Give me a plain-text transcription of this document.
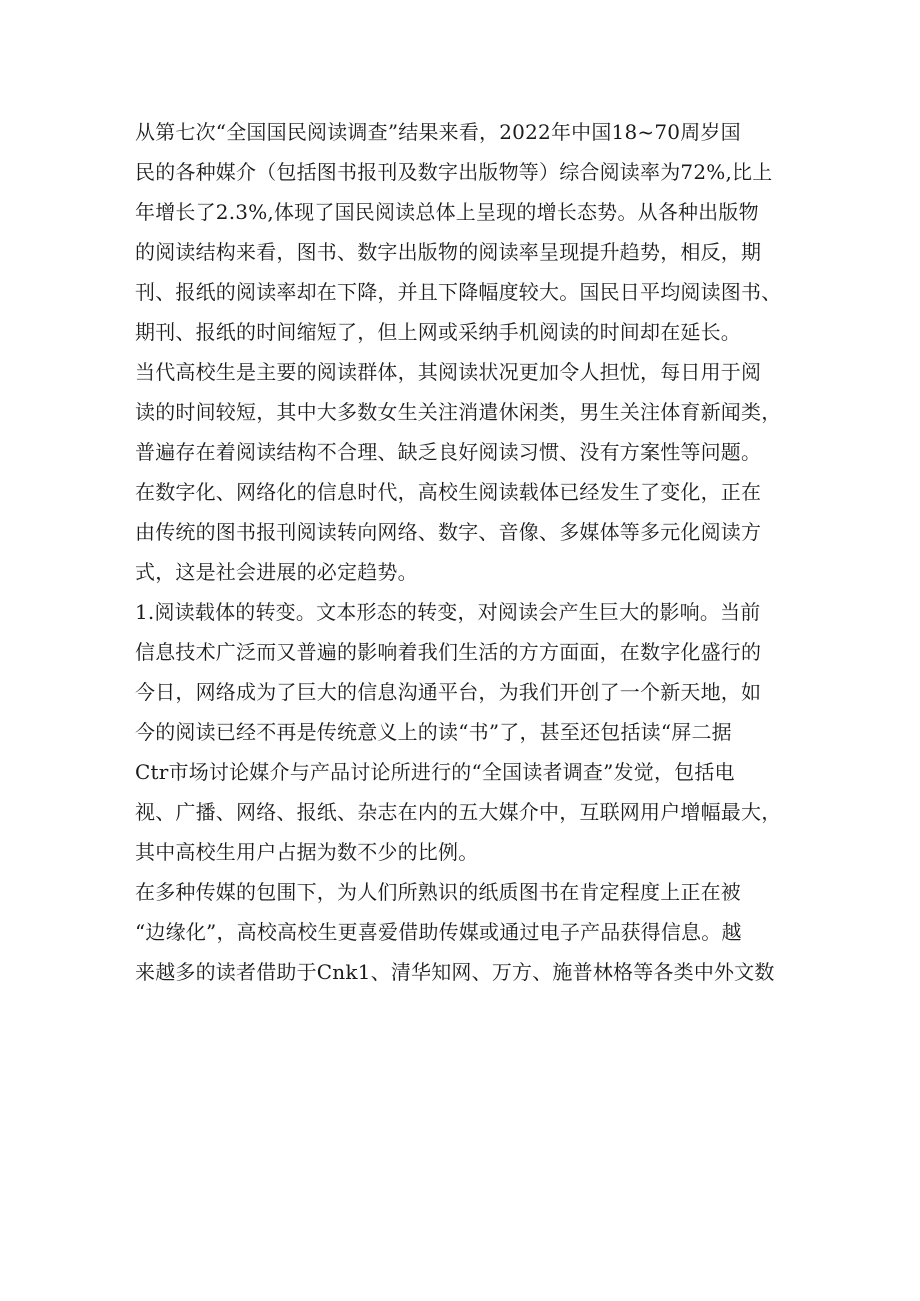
从第七次“全国国民阅读调查”结果来看，2022年中国18~70周岁国
民的各种媒介（包括图书报刊及数字出版物等）综合阅读率为72%,比上
年增长了2.3%,体现了国民阅读总体上呈现的增长态势。从各种出版物
的阅读结构来看，图书、数字出版物的阅读率呈现提升趋势，相反，期
刊、报纸的阅读率却在下降，并且下降幅度较大。国民日平均阅读图书、
期刊、报纸的时间缩短了，但上网或采纳手机阅读的时间却在延长。
当代高校生是主要的阅读群体，其阅读状况更加令人担忧，每日用于阅
读的时间较短，其中大多数女生关注消遣休闲类，男生关注体育新闻类，
普遍存在着阅读结构不合理、缺乏良好阅读习惯、没有方案性等问题。
在数字化、网络化的信息时代，高校生阅读载体已经发生了变化，正在
由传统的图书报刊阅读转向网络、数字、音像、多媒体等多元化阅读方
式，这是社会进展的必定趋势。
1.阅读载体的转变。文本形态的转变，对阅读会产生巨大的影响。当前
信息技术广泛而又普遍的影响着我们生活的方方面面，在数字化盛行的
今日，网络成为了巨大的信息沟通平台，为我们开创了一个新天地，如
今的阅读已经不再是传统意义上的读“书”了，甚至还包括读“屏二据
Ctr市场讨论媒介与产品讨论所进行的“全国读者调查”发觉，包括电
视、广播、网络、报纸、杂志在内的五大媒介中，互联网用户增幅最大，
其中高校生用户占据为数不少的比例。
在多种传媒的包围下，为人们所熟识的纸质图书在肯定程度上正在被
“边缘化”，高校高校生更喜爱借助传媒或通过电子产品获得信息。越
来越多的读者借助于Cnk1、清华知网、万方、施普林格等各类中外文数
